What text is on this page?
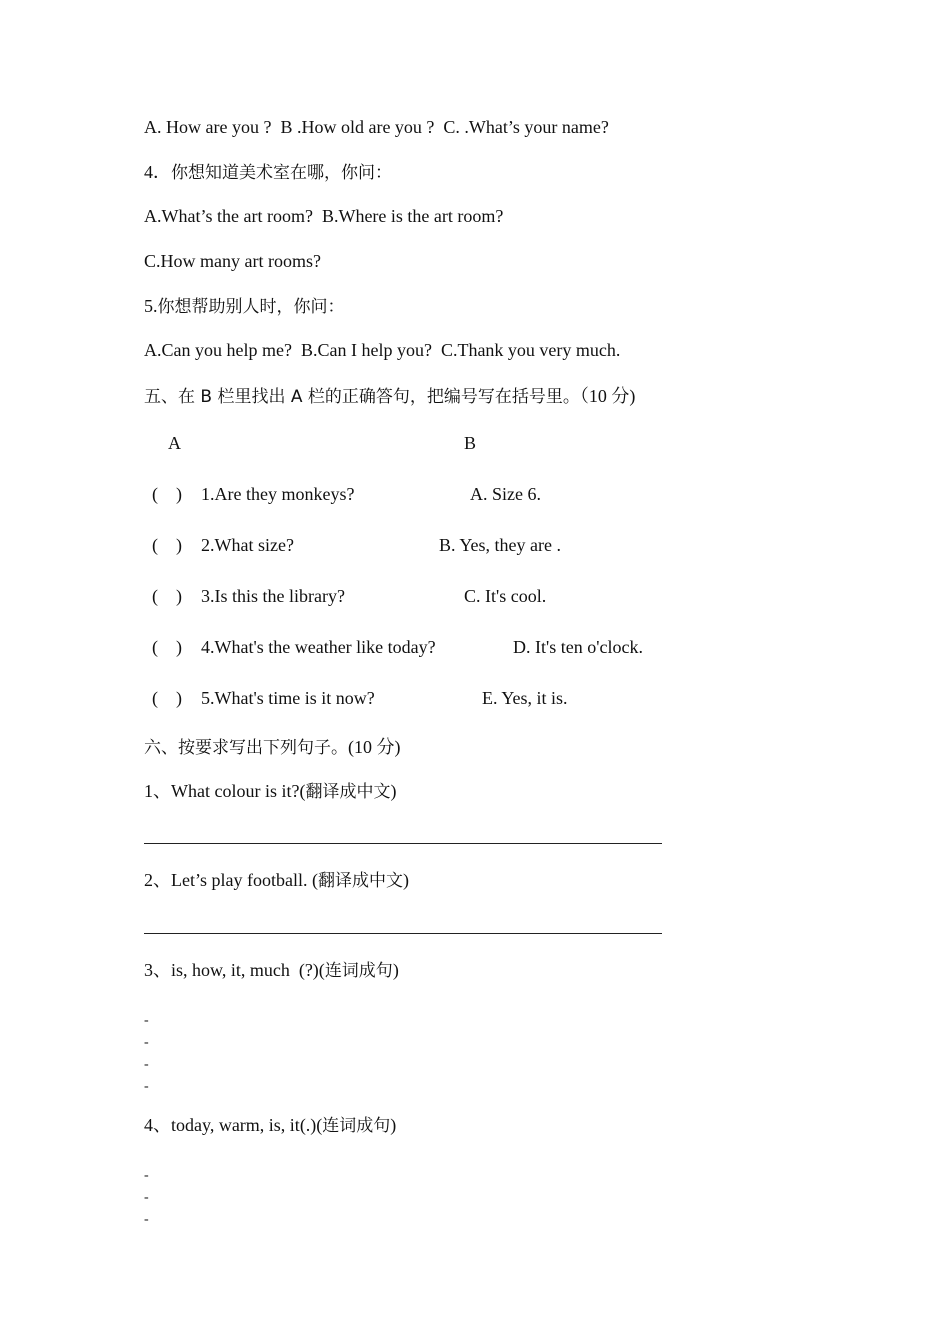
A. How are you ?  B .How old are you ?  C. .What’s your name?
4．你想知道美术室在哪，你问：
A.What’s the art room?  B.Where is the art room?
C.How many art rooms?
5.你想帮助别人时，你问：
A.Can you help me?  B.Can I help you?  C.Thank you very much.
五、在 B 栏里找出 A 栏的正确答句，把编号写在括号里。（10 分)
A	B
(    ) 1.Are they monkeys?	A. Size 6.
(    ) 2.What size?	B. Yes, they are .
(    ) 3.Is this the library?	C. It's cool.
(    ) 4.What's the weather like today?	D. It's ten o'clock.
(    ) 5.What's time is it now?	E. Yes, it is.
六、按要求写出下列句子。(10 分)
1、What colour is it?(翻译成中文)
2、Let’s play football. (翻译成中文)
3、is, how, it, much  (?)(连词成句)
-
-
-
-
4、today, warm, is, it(.)(连词成句)
-
-
-
